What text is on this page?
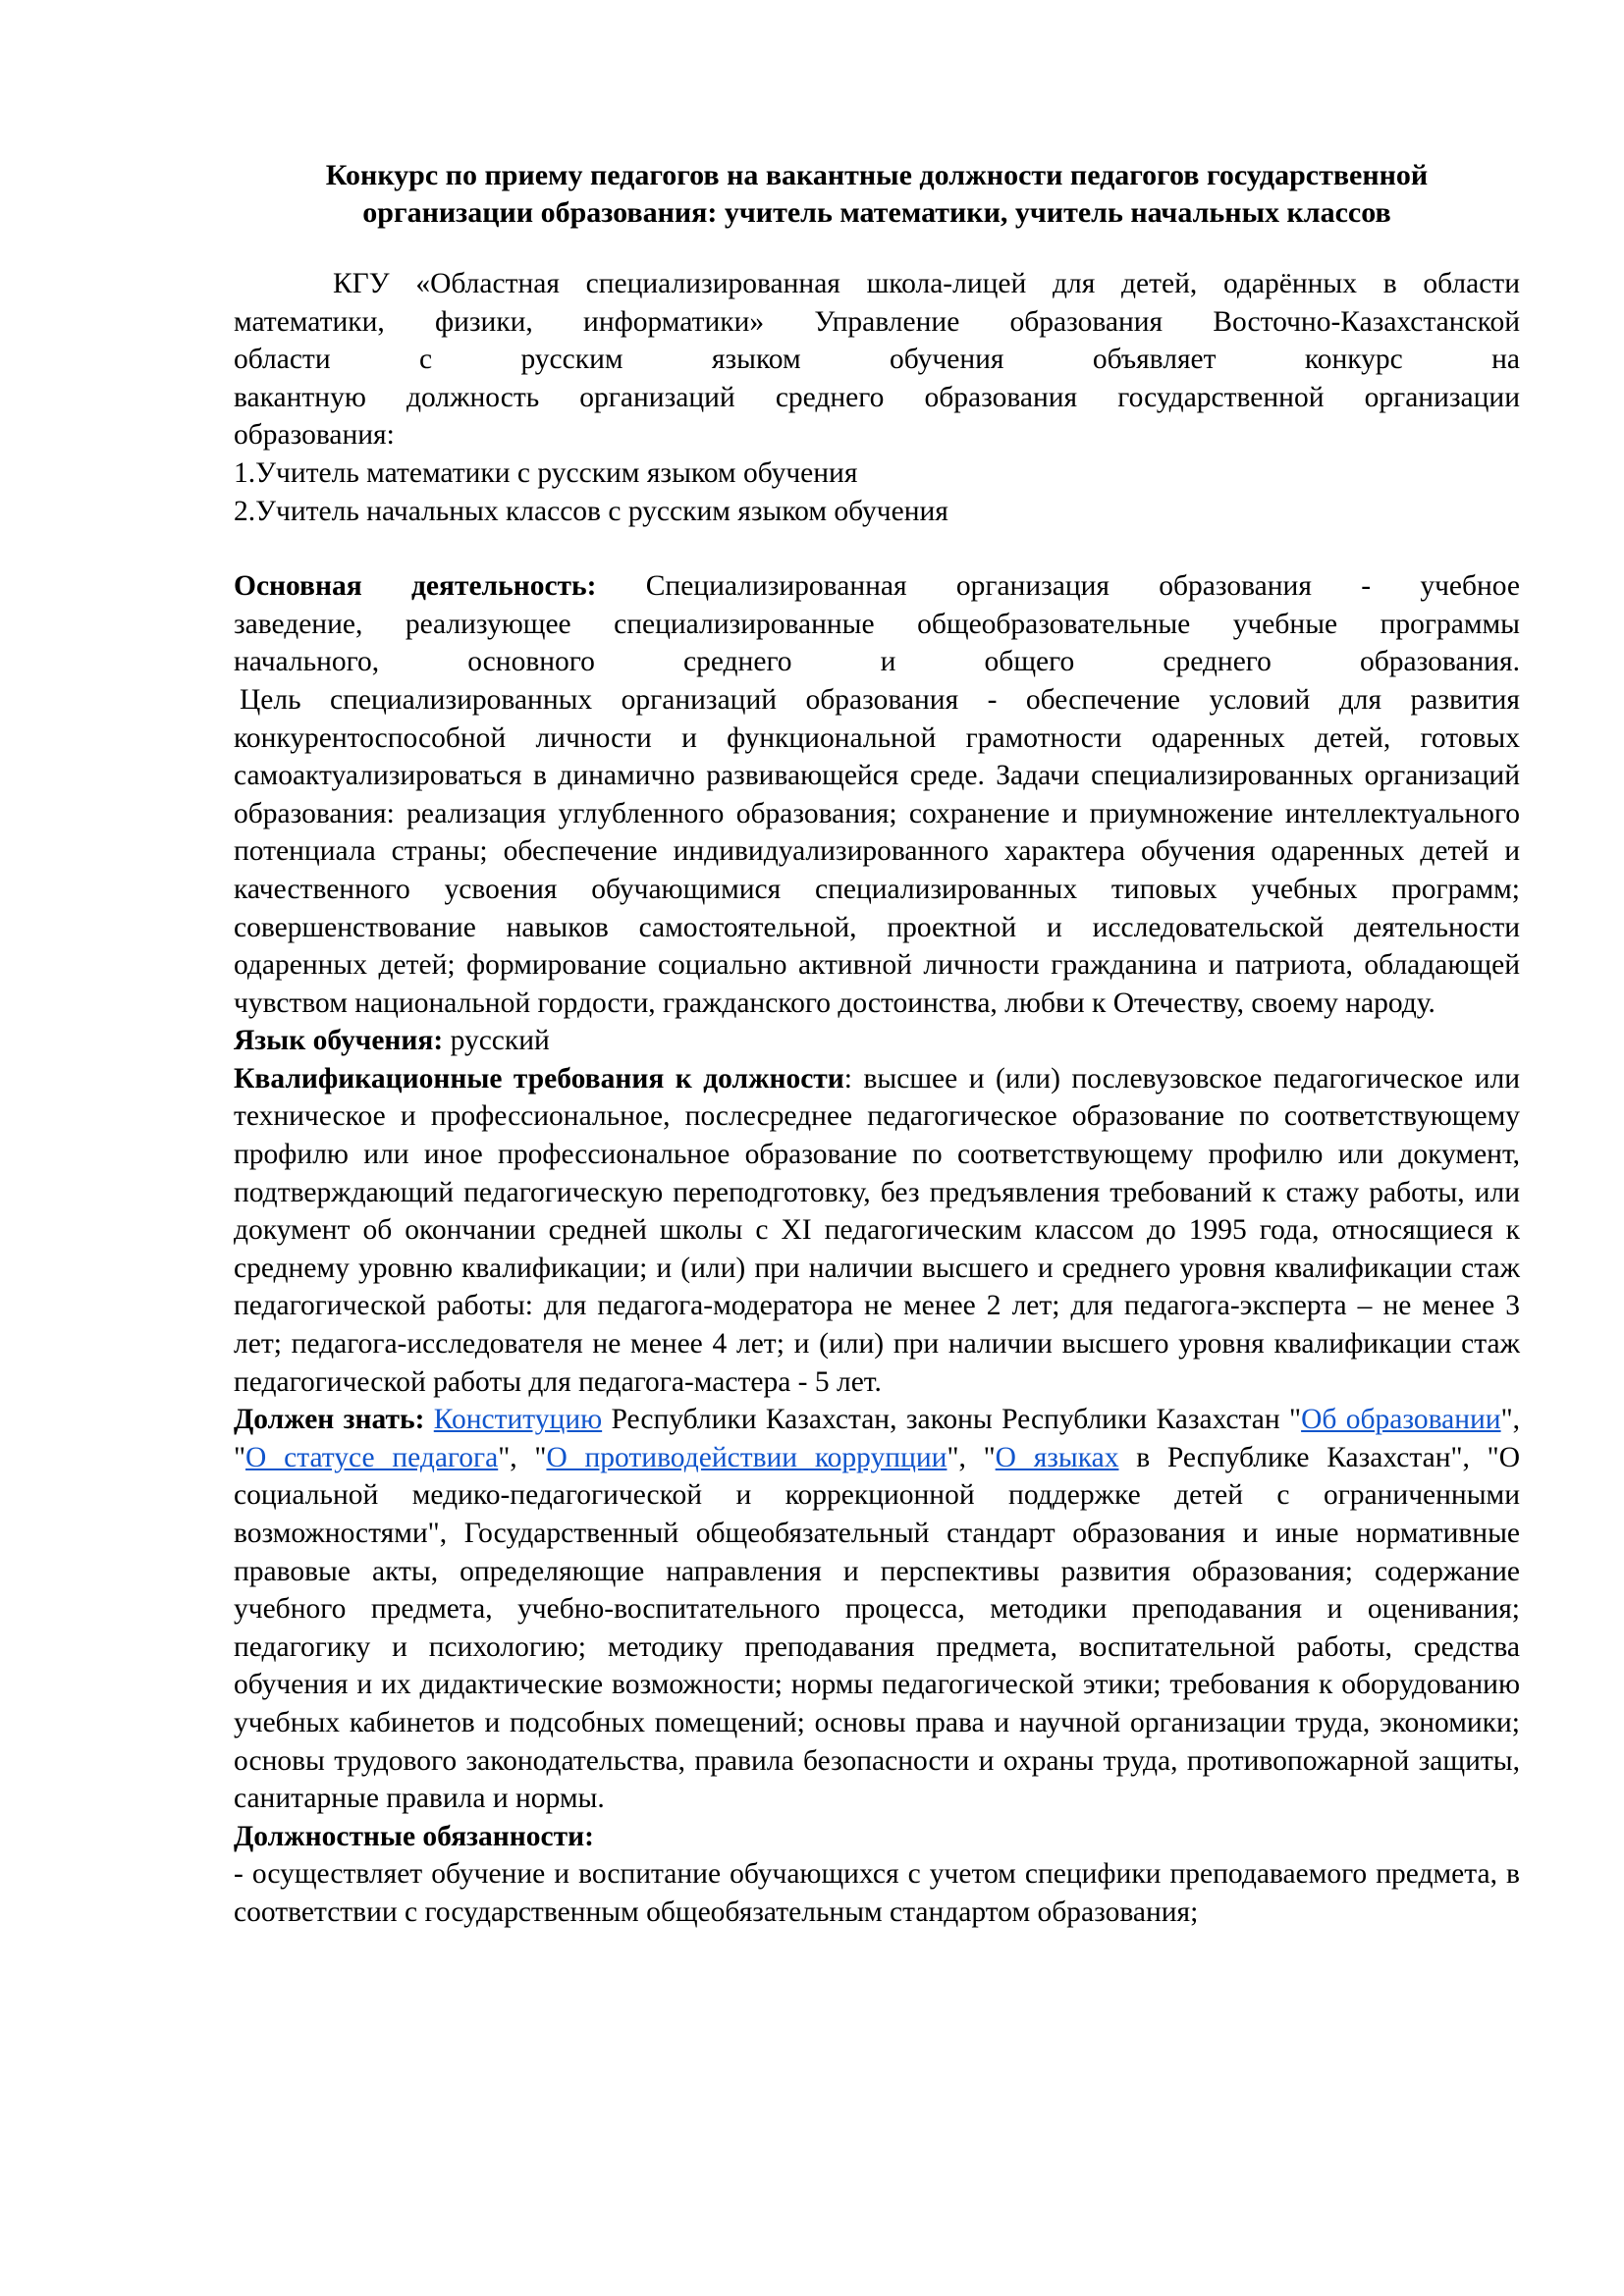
Конкурс по приему педагогов на вакантные должности педагогов государственной
организации образования: учитель математики, учитель начальных классов

КГУ «Областная специализированная школа-лицей для детей, одарённых в области

математики, физики, информатики» Управление образования Восточно-Казахстанской

области с русским языком обучения объявляет конкурс на

вакантную должность организаций среднего образования государственной организации

образования:

1.Учитель математики с русским языком обучения

2.Учитель начальных классов с русским языком обучения

Основная деятельность: Специализированная организация образования - учебное

заведение, реализующее специализированные общеобразовательные учебные программы

начального, основного среднего и общего среднего образования.

Цель специализированных организаций образования - обеспечение условий для развития конкурентоспособной личности и функциональной грамотности одаренных детей, готовых самоактуализироваться в динамично развивающейся среде. Задачи специализированных организаций образования: реализация углубленного образования; сохранение и приумножение интеллектуального потенциала страны; обеспечение индивидуализированного характера обучения одаренных детей и качественного усвоения обучающимися специализированных типовых учебных программ; совершенствование навыков самостоятельной, проектной и исследовательской деятельности одаренных детей; формирование социально активной личности гражданина и патриота, обладающей чувством национальной гордости, гражданского достоинства, любви к Отечеству, своему народу.

Язык обучения: русский

Квалификационные требования к должности: высшее и (или) послевузовское педагогическое или техническое и профессиональное, послесреднее педагогическое образование по соответствующему профилю или иное профессиональное образование по соответствующему профилю или документ, подтверждающий педагогическую переподготовку, без предъявления требований к стажу работы, или документ об окончании средней школы с XI педагогическим классом до 1995 года, относящиеся к среднему уровню квалификации; и (или) при наличии высшего и среднего уровня квалификации стаж педагогической работы: для педагога-модератора не менее 2 лет; для педагога-эксперта – не менее 3 лет; педагога-исследователя не менее 4 лет; и (или) при наличии высшего уровня квалификации стаж педагогической работы для педагога-мастера - 5 лет.

Должен знать: Конституцию Республики Казахстан, законы Республики Казахстан "Об образовании", "О статусе педагога", "О противодействии коррупции", "О языках в Республике Казахстан", "О социальной медико-педагогической и коррекционной поддержке детей с ограниченными возможностями", Государственный общеобязательный стандарт образования и иные нормативные правовые акты, определяющие направления и перспективы развития образования; содержание учебного предмета, учебно-воспитательного процесса, методики преподавания и оценивания; педагогику и психологию; методику преподавания предмета, воспитательной работы, средства обучения и их дидактические возможности; нормы педагогической этики; требования к оборудованию учебных кабинетов и подсобных помещений; основы права и научной организации труда, экономики; основы трудового законодательства, правила безопасности и охраны труда, противопожарной защиты, санитарные правила и нормы.

Должностные обязанности:

- осуществляет обучение и воспитание обучающихся с учетом специфики преподаваемого предмета, в соответствии с государственным общеобязательным стандартом образования;
